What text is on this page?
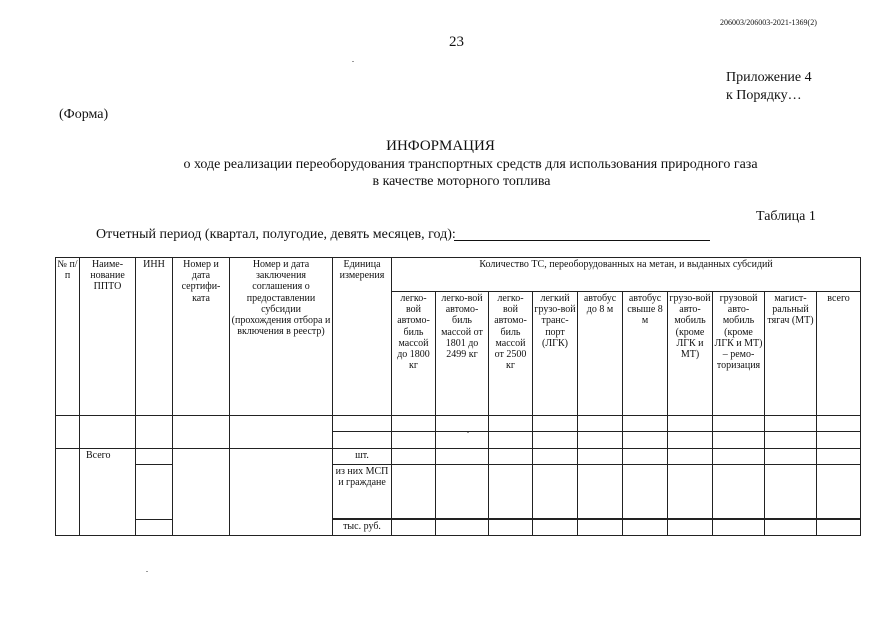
206003/206003-2021-1369(2)
23
Приложение 4
к Порядку…
(Форма)
ИНФОРМАЦИЯ
о ходе реализации переоборудования транспортных средств для использования природного газа
в качестве моторного топлива
Таблица 1
Отчетный период (квартал, полугодие, девять месяцев, год):
№ п/п	Наиме-нование ППТО	ИНН	Номер и дата сертифи-ката	Номер и дата заключения соглашения о предоставлении субсидии (прохождения отбора и включения в реестр)	Единица измерения	Количество ТС, переоборудованных на метан, и выданных субсидий									
						легко-вой автомо-биль массой до 1800 кг	легко-вой автомо-биль массой от 1801 до 2499 кг	легко-вой автомо-биль массой от 2500 кг	легкий грузо-вой транс-порт (ЛГК)	автобус до 8 м	автобус свыше 8 м	грузо-вой авто-мобиль (кроме ЛГК и МТ)	грузовой авто-мобиль (кроме ЛГК и МТ) – ремо-торизация	магист-ральный тягач (МТ)	всего

	Всего				шт.										
					из них МСП и граждане										

					тыс. руб.										
